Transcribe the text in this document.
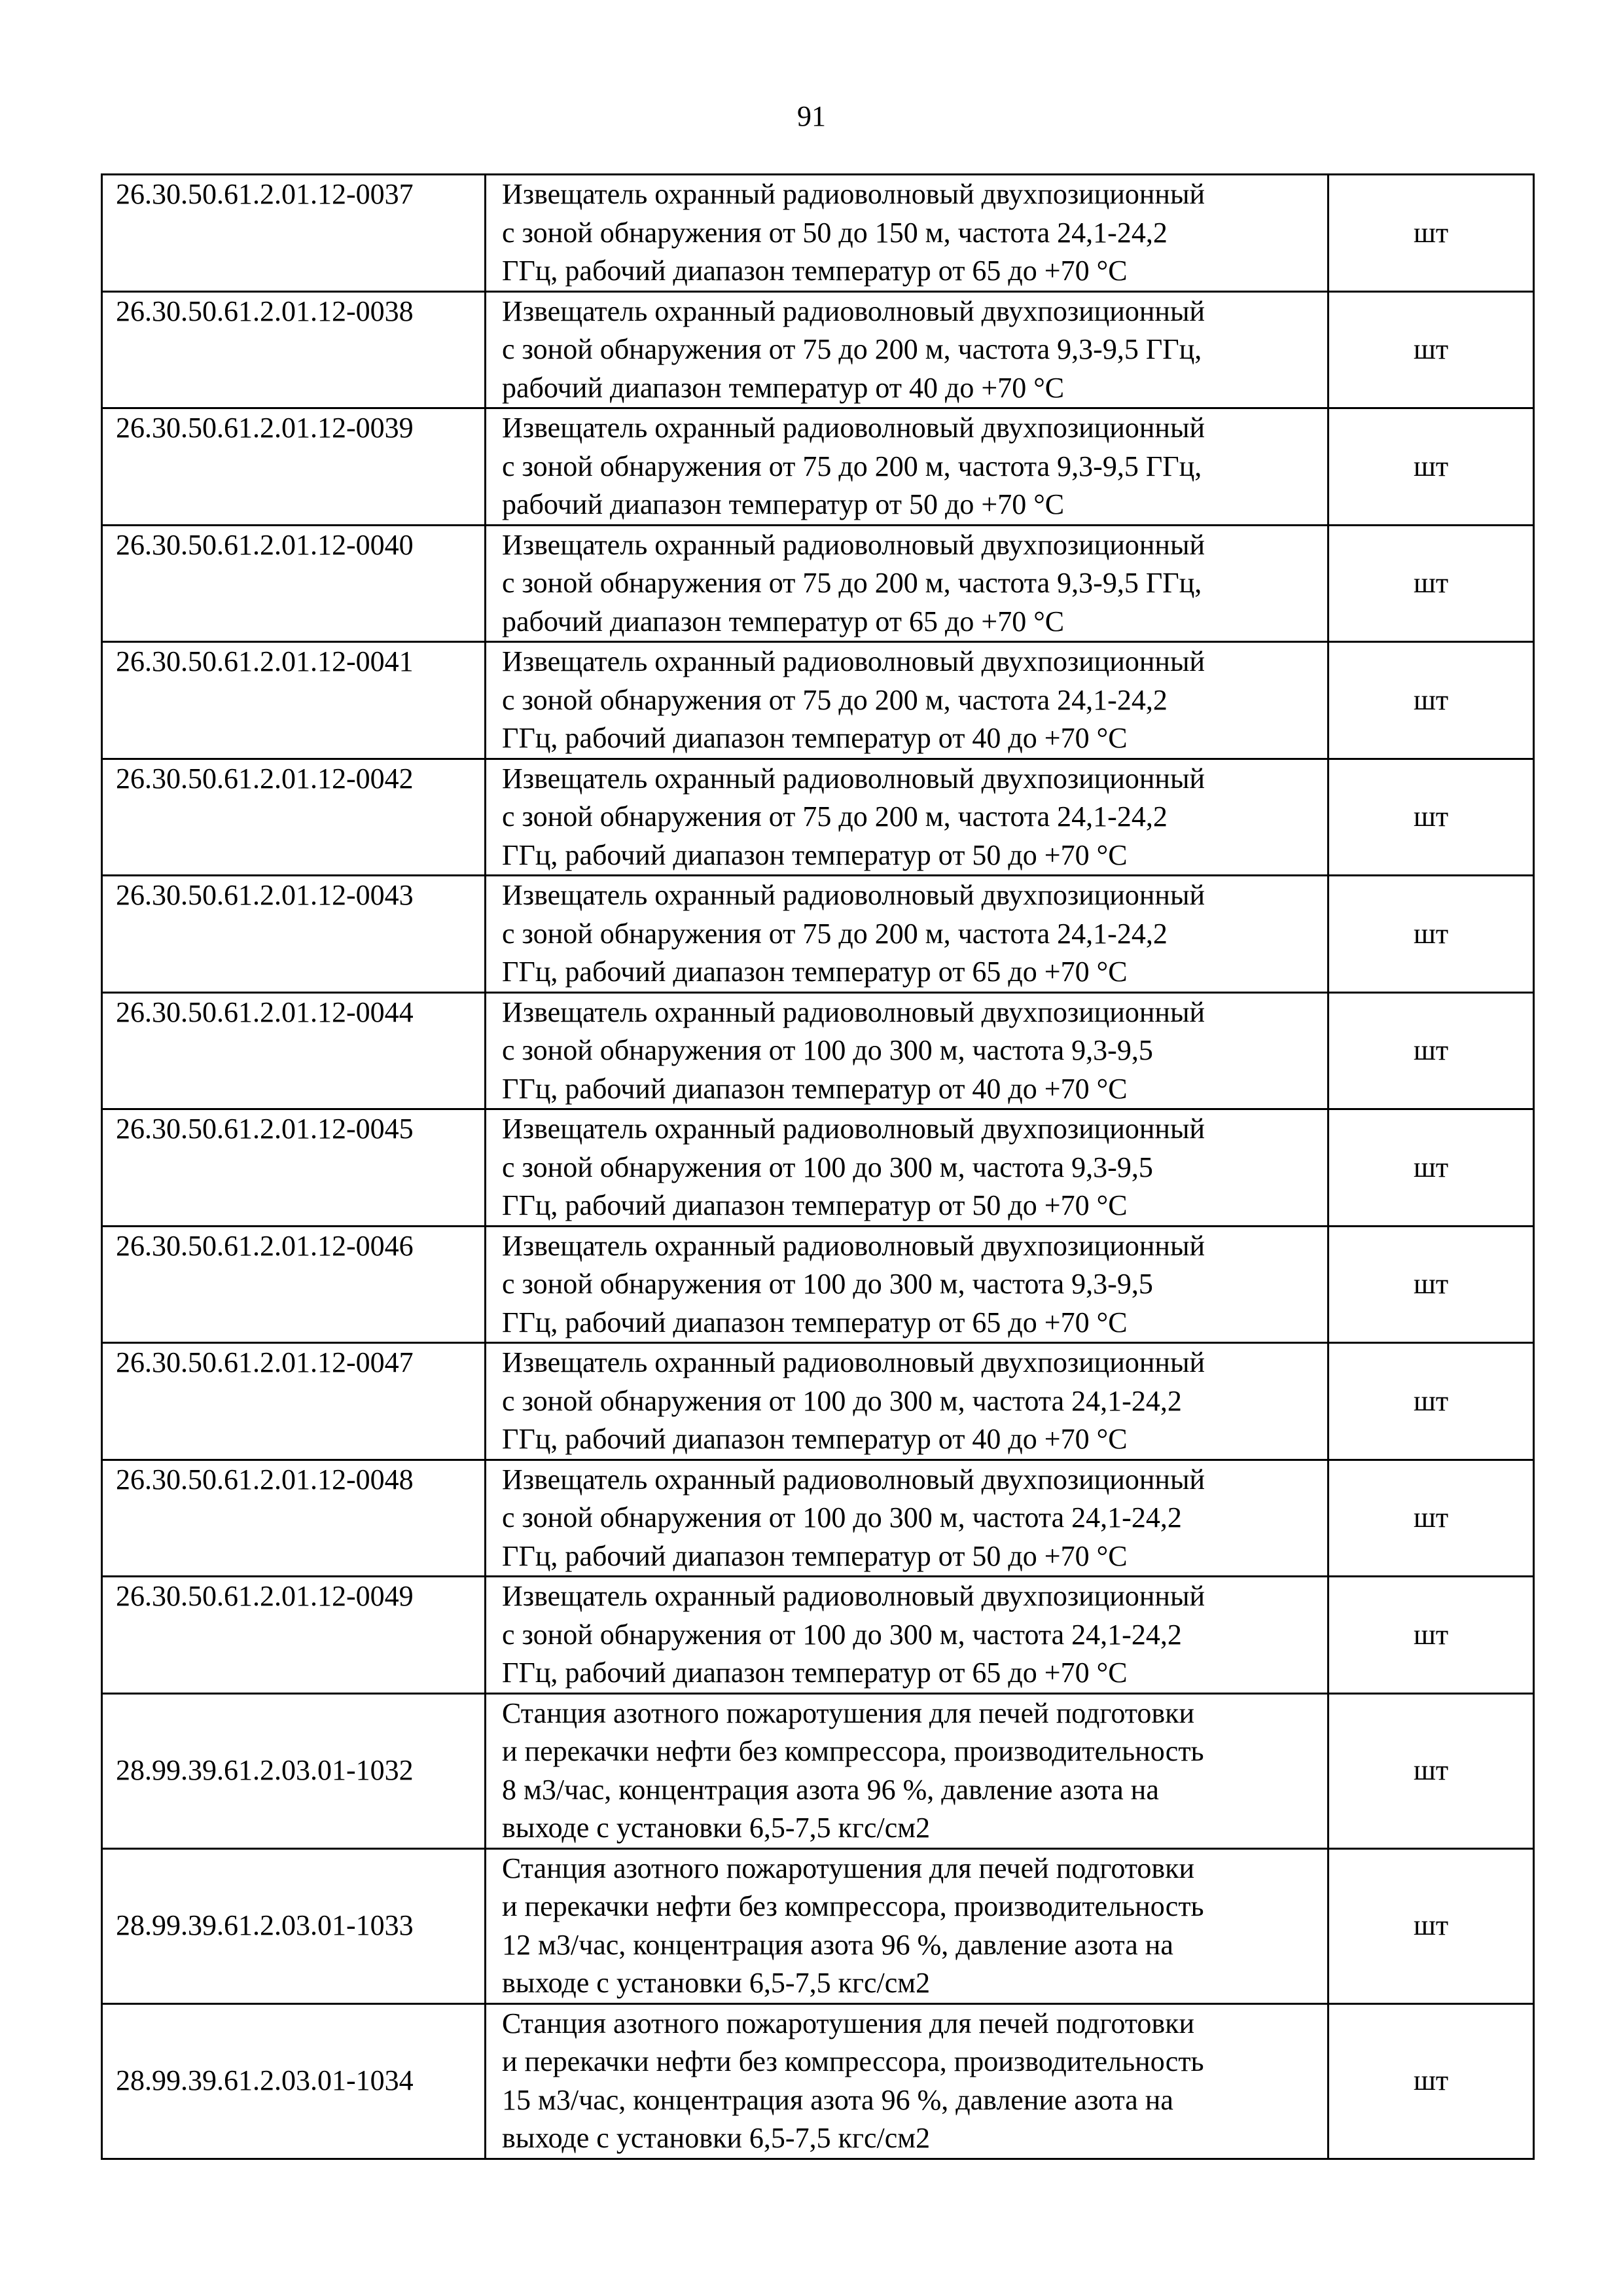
91
26.30.50.61.2.01.12-0037	Извещатель охранный радиоволновый двухпозиционный
с зоной обнаружения от 50 до 150 м, частота 24,1-24,2
ГГц, рабочий диапазон температур от 65 до +70 °С	шт
26.30.50.61.2.01.12-0038	Извещатель охранный радиоволновый двухпозиционный
с зоной обнаружения от 75 до 200 м, частота 9,3-9,5 ГГц,
рабочий диапазон температур от 40 до +70 °С	шт
26.30.50.61.2.01.12-0039	Извещатель охранный радиоволновый двухпозиционный
с зоной обнаружения от 75 до 200 м, частота 9,3-9,5 ГГц,
рабочий диапазон температур от 50 до +70 °С	шт
26.30.50.61.2.01.12-0040	Извещатель охранный радиоволновый двухпозиционный
с зоной обнаружения от 75 до 200 м, частота 9,3-9,5 ГГц,
рабочий диапазон температур от 65 до +70 °С	шт
26.30.50.61.2.01.12-0041	Извещатель охранный радиоволновый двухпозиционный
с зоной обнаружения от 75 до 200 м, частота 24,1-24,2
ГГц, рабочий диапазон температур от 40 до +70 °С	шт
26.30.50.61.2.01.12-0042	Извещатель охранный радиоволновый двухпозиционный
с зоной обнаружения от 75 до 200 м, частота 24,1-24,2
ГГц, рабочий диапазон температур от 50 до +70 °С	шт
26.30.50.61.2.01.12-0043	Извещатель охранный радиоволновый двухпозиционный
с зоной обнаружения от 75 до 200 м, частота 24,1-24,2
ГГц, рабочий диапазон температур от 65 до +70 °С	шт
26.30.50.61.2.01.12-0044	Извещатель охранный радиоволновый двухпозиционный
с зоной обнаружения от 100 до 300 м, частота 9,3-9,5
ГГц, рабочий диапазон температур от 40 до +70 °С	шт
26.30.50.61.2.01.12-0045	Извещатель охранный радиоволновый двухпозиционный
с зоной обнаружения от 100 до 300 м, частота 9,3-9,5
ГГц, рабочий диапазон температур от 50 до +70 °С	шт
26.30.50.61.2.01.12-0046	Извещатель охранный радиоволновый двухпозиционный
с зоной обнаружения от 100 до 300 м, частота 9,3-9,5
ГГц, рабочий диапазон температур от 65 до +70 °С	шт
26.30.50.61.2.01.12-0047	Извещатель охранный радиоволновый двухпозиционный
с зоной обнаружения от 100 до 300 м, частота 24,1-24,2
ГГц, рабочий диапазон температур от 40 до +70 °С	шт
26.30.50.61.2.01.12-0048	Извещатель охранный радиоволновый двухпозиционный
с зоной обнаружения от 100 до 300 м, частота 24,1-24,2
ГГц, рабочий диапазон температур от 50 до +70 °С	шт
26.30.50.61.2.01.12-0049	Извещатель охранный радиоволновый двухпозиционный
с зоной обнаружения от 100 до 300 м, частота 24,1-24,2
ГГц, рабочий диапазон температур от 65 до +70 °С	шт
28.99.39.61.2.03.01-1032	Станция азотного пожаротушения для печей подготовки
и перекачки нефти без компрессора, производительность
8 м3/час, концентрация азота 96 %, давление азота на
выходе с установки 6,5-7,5 кгс/см2	шт
28.99.39.61.2.03.01-1033	Станция азотного пожаротушения для печей подготовки
и перекачки нефти без компрессора, производительность
12 м3/час, концентрация азота 96 %, давление азота на
выходе с установки 6,5-7,5 кгс/см2	шт
28.99.39.61.2.03.01-1034	Станция азотного пожаротушения для печей подготовки
и перекачки нефти без компрессора, производительность
15 м3/час, концентрация азота 96 %, давление азота на
выходе с установки 6,5-7,5 кгс/см2	шт
